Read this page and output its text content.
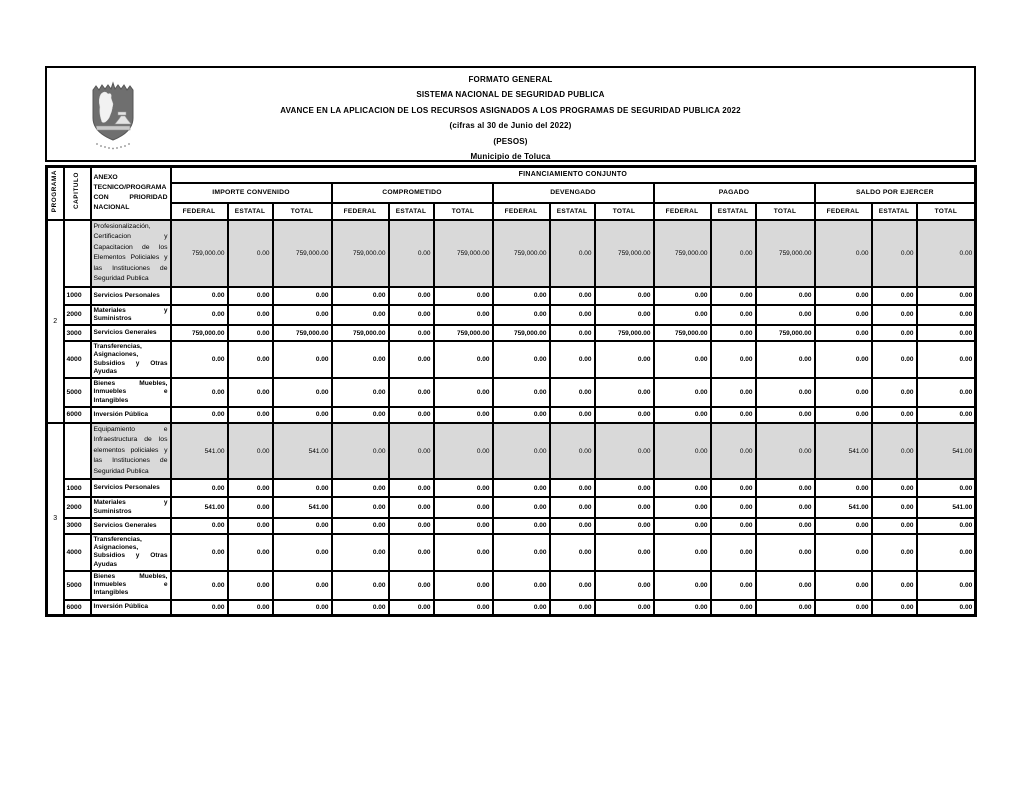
FORMATO GENERAL
SISTEMA NACIONAL DE SEGURIDAD PUBLICA
AVANCE EN LA APLICACION DE LOS RECURSOS ASIGNADOS A LOS PROGRAMAS DE SEGURIDAD PUBLICA 2022
(cifras al 30 de Junio del 2022)
(PESOS)
Municipio de Toluca
PROGRAMA	CAPITULO	ANEXO TECNICO/PROGRAMA CON PRIORIDAD NACIONAL	FINANCIAMIENTO CONJUNTO														
			IMPORTE CONVENIDO			COMPROMETIDO			DEVENGADO			PAGADO			SALDO POR EJERCER		
			FEDERAL	ESTATAL	TOTAL	FEDERAL	ESTATAL	TOTAL	FEDERAL	ESTATAL	TOTAL	FEDERAL	ESTATAL	TOTAL	FEDERAL	ESTATAL	TOTAL
2		Profesionalización, Certificacion y Capacitacion de los Elementos Policiales y las Instituciones de Seguridad Publica	759,000.00	0.00	759,000.00	759,000.00	0.00	759,000.00	759,000.00	0.00	759,000.00	759,000.00	0.00	759,000.00	0.00	0.00	0.00
	1000	Servicios Personales	0.00	0.00	0.00	0.00	0.00	0.00	0.00	0.00	0.00	0.00	0.00	0.00	0.00	0.00	0.00
	2000	Materiales y Suministros	0.00	0.00	0.00	0.00	0.00	0.00	0.00	0.00	0.00	0.00	0.00	0.00	0.00	0.00	0.00
	3000	Servicios Generales	759,000.00	0.00	759,000.00	759,000.00	0.00	759,000.00	759,000.00	0.00	759,000.00	759,000.00	0.00	759,000.00	0.00	0.00	0.00
	4000	Transferencias, Asignaciones, Subsidios y Otras Ayudas	0.00	0.00	0.00	0.00	0.00	0.00	0.00	0.00	0.00	0.00	0.00	0.00	0.00	0.00	0.00
	5000	Bienes Muebles, Inmuebles e Intangibles	0.00	0.00	0.00	0.00	0.00	0.00	0.00	0.00	0.00	0.00	0.00	0.00	0.00	0.00	0.00
	6000	Inversión Pública	0.00	0.00	0.00	0.00	0.00	0.00	0.00	0.00	0.00	0.00	0.00	0.00	0.00	0.00	0.00
3		Equipamiento e Infraestructura de los elementos policiales y las Instituciones de Seguridad Publica	541.00	0.00	541.00	0.00	0.00	0.00	0.00	0.00	0.00	0.00	0.00	0.00	541.00	0.00	541.00
	1000	Servicios Personales	0.00	0.00	0.00	0.00	0.00	0.00	0.00	0.00	0.00	0.00	0.00	0.00	0.00	0.00	0.00
	2000	Materiales y Suministros	541.00	0.00	541.00	0.00	0.00	0.00	0.00	0.00	0.00	0.00	0.00	0.00	541.00	0.00	541.00
	3000	Servicios Generales	0.00	0.00	0.00	0.00	0.00	0.00	0.00	0.00	0.00	0.00	0.00	0.00	0.00	0.00	0.00
	4000	Transferencias, Asignaciones, Subsidios y Otras Ayudas	0.00	0.00	0.00	0.00	0.00	0.00	0.00	0.00	0.00	0.00	0.00	0.00	0.00	0.00	0.00
	5000	Bienes Muebles, Inmuebles e Intangibles	0.00	0.00	0.00	0.00	0.00	0.00	0.00	0.00	0.00	0.00	0.00	0.00	0.00	0.00	0.00
	6000	Inversión Pública	0.00	0.00	0.00	0.00	0.00	0.00	0.00	0.00	0.00	0.00	0.00	0.00	0.00	0.00	0.00
